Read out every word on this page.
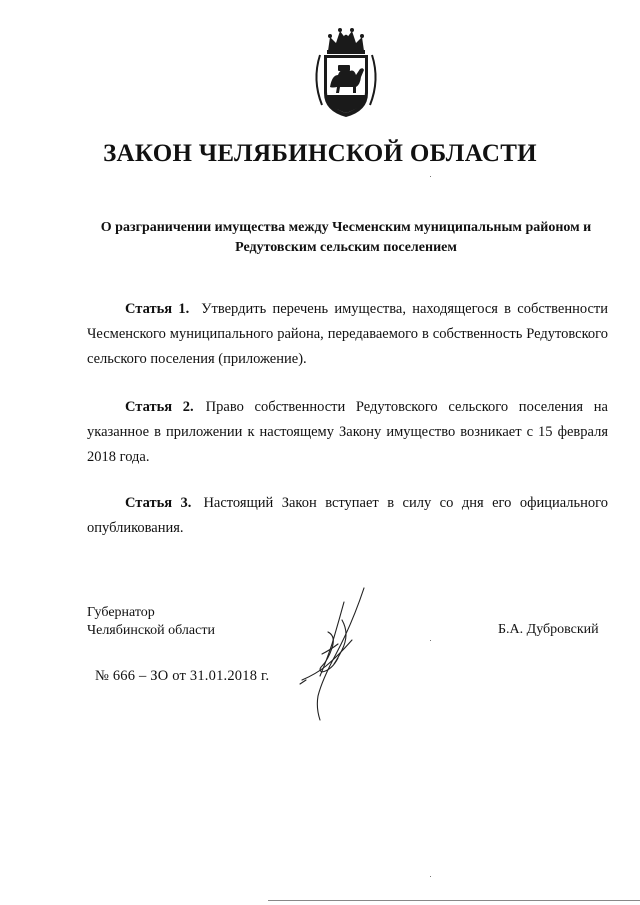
ЗАКОН ЧЕЛЯБИНСКОЙ ОБЛАСТИ
О разграничении имущества между Чесменским муниципальным районом и
Редутовским сельским поселением
Статья 1. Утвердить перечень имущества, находящегося в собственности Чесменского муниципального района, передаваемого в собственность Редутовского сельского поселения (приложение).
Статья 2. Право собственности Редутовского сельского поселения на указанное в приложении к настоящему Закону имущество возникает с 15 февраля 2018 года.
Статья 3. Настоящий Закон вступает в силу со дня его официального опубликования.
Губернатор
Челябинской области	Б.А. Дубровский
№ 666 – ЗО от 31.01.2018 г.
